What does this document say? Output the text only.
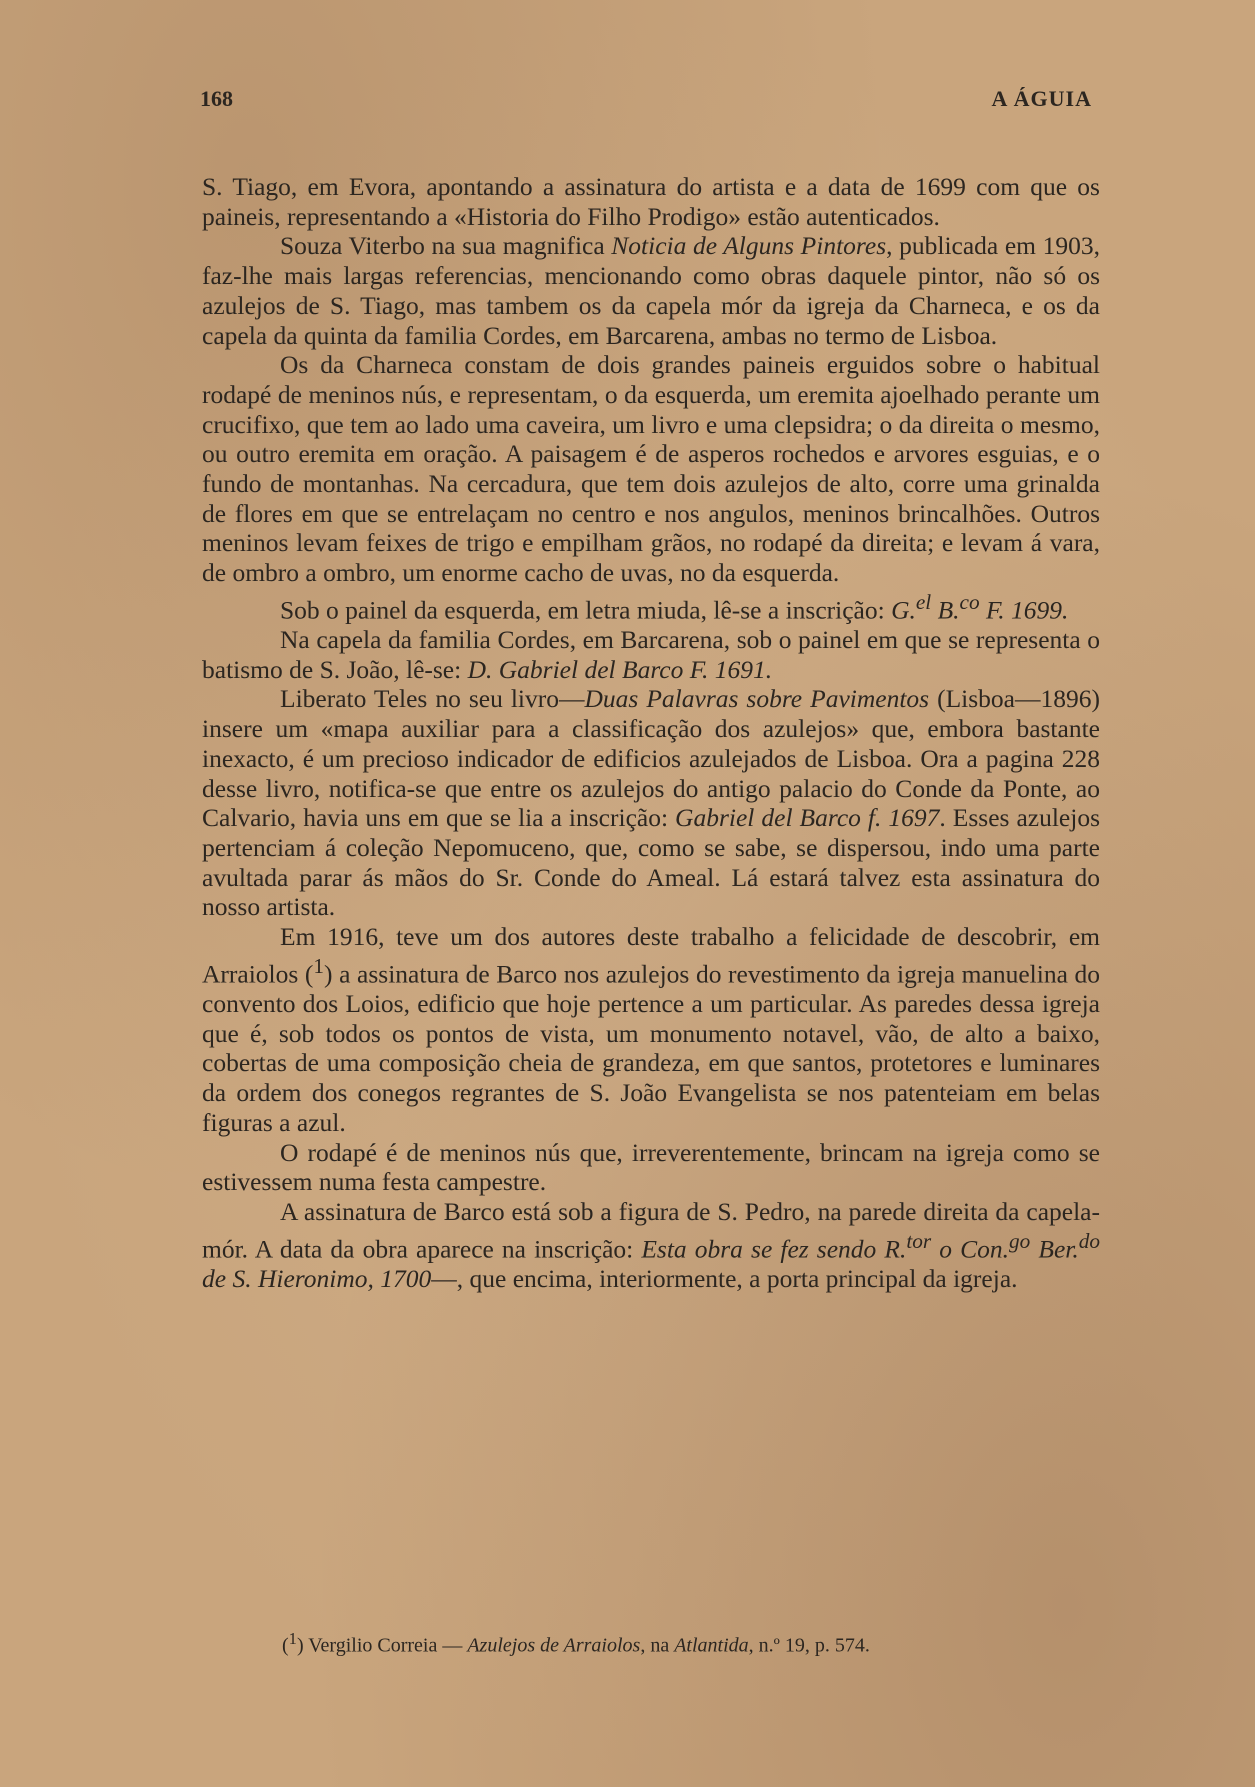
168	A ÁGUIA

S. Tiago, em Evora, apontando a assinatura do artista e a data de 1699 com que os paineis, representando a «Historia do Filho Prodigo» estão autenticados.

Souza Viterbo na sua magnifica Noticia de Alguns Pintores, publicada em 1903, faz-lhe mais largas referencias, mencionando como obras daquele pintor, não só os azulejos de S. Tiago, mas tambem os da capela mór da igreja da Charneca, e os da capela da quinta da familia Cordes, em Barcarena, ambas no termo de Lisboa.

Os da Charneca constam de dois grandes paineis erguidos sobre o habitual rodapé de meninos nús, e representam, o da esquerda, um eremita ajoelhado perante um crucifixo, que tem ao lado uma caveira, um livro e uma clepsidra; o da direita o mesmo, ou outro eremita em oração. A paisagem é de asperos rochedos e arvores esguias, e o fundo de montanhas. Na cercadura, que tem dois azulejos de alto, corre uma grinalda de flores em que se entrelaçam no centro e nos angulos, meninos brincalhões. Outros meninos levam feixes de trigo e empilham grãos, no rodapé da direita; e levam á vara, de ombro a ombro, um enorme cacho de uvas, no da esquerda.

Sob o painel da esquerda, em letra miuda, lê-se a inscrição: G.$^{el}$ B.$^{co}$ F. 1699.

Na capela da familia Cordes, em Barcarena, sob o painel em que se representa o batismo de S. João, lê-se: D. Gabriel del Barco F. 1691.

Liberato Teles no seu livro—Duas Palavras sobre Pavimentos (Lisboa—1896) insere um «mapa auxiliar para a classificação dos azulejos» que, embora bastante inexacto, é um precioso indicador de edificios azulejados de Lisboa. Ora a pagina 228 desse livro, notifica-se que entre os azulejos do antigo palacio do Conde da Ponte, ao Calvario, havia uns em que se lia a inscrição: Gabriel del Barco f. 1697. Esses azulejos pertenciam á coleção Nepomuceno, que, como se sabe, se dispersou, indo uma parte avultada parar ás mãos do Sr. Conde do Ameal. Lá estará talvez esta assinatura do nosso artista.

Em 1916, teve um dos autores deste trabalho a felicidade de descobrir, em Arraiolos ($^1$) a assinatura de Barco nos azulejos do revestimento da igreja manuelina do convento dos Loios, edificio que hoje pertence a um particular. As paredes dessa igreja que é, sob todos os pontos de vista, um monumento notavel, vão, de alto a baixo, cobertas de uma composição cheia de grandeza, em que santos, protetores e luminares da ordem dos conegos regrantes de S. João Evangelista se nos patenteiam em belas figuras a azul.

O rodapé é de meninos nús que, irreverentemente, brincam na igreja como se estivessem numa festa campestre.

A assinatura de Barco está sob a figura de S. Pedro, na parede direita da capela-mór. A data da obra aparece na inscrição: Esta obra se fez sendo R.$^{tor}$ o Con.$^{go}$ Ber.$^{do}$ de S. Hieronimo, 1700—, que encima, interiormente, a porta principal da igreja.

($^1$) Vergilio Correia — Azulejos de Arraiolos, na Atlantida, n.º 19, p. 574.
